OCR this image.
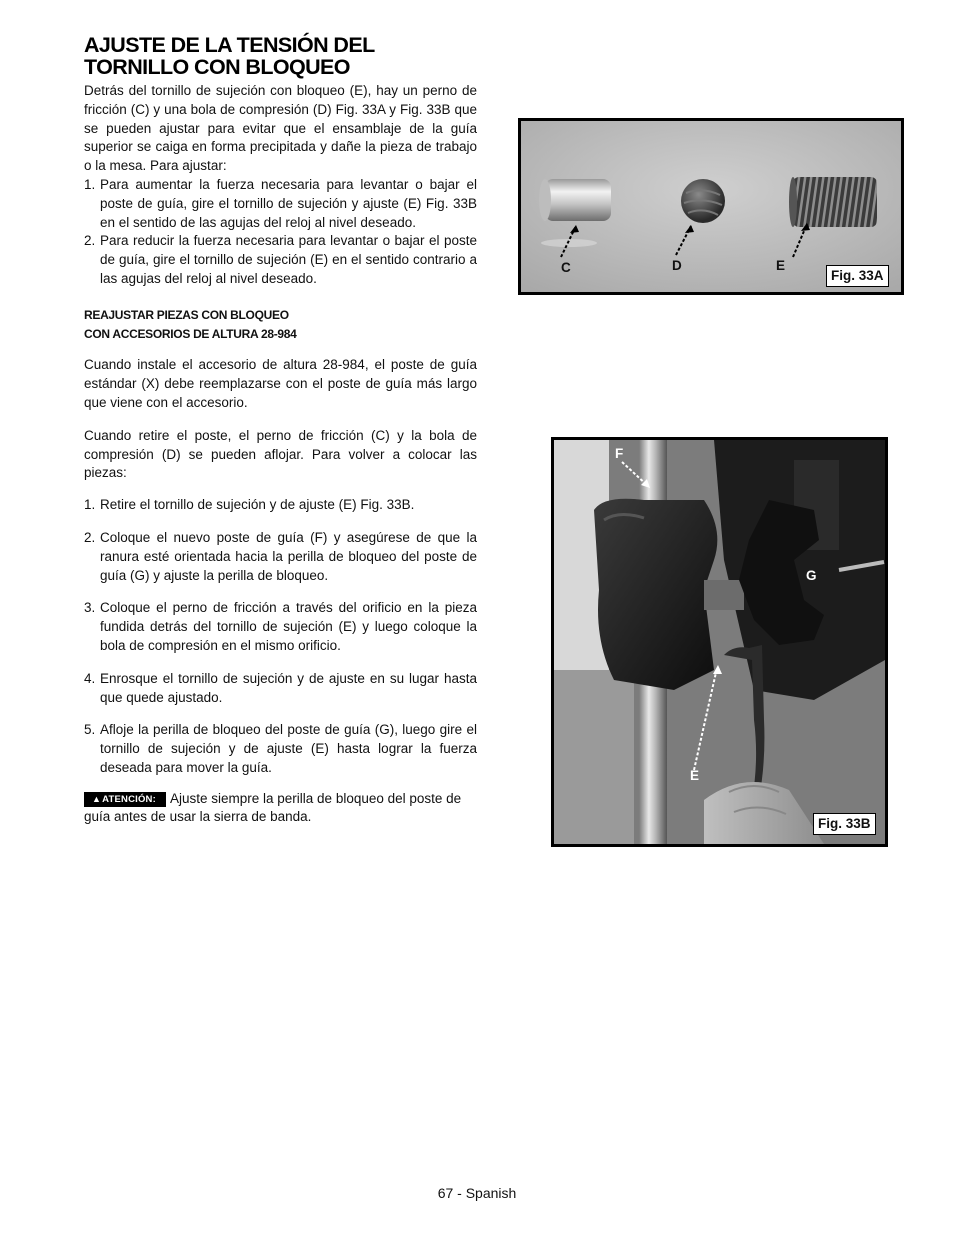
AJUSTE DE LA TENSIÓN DEL TORNILLO CON BLOQUEO

Detrás del tornillo de sujeción con bloqueo (E), hay un perno de fricción (C) y una bola de compresión (D) Fig. 33A y Fig. 33B que se pueden ajustar para evitar que el ensamblaje de la guía superior se caiga en forma precipitada y dañe la pieza de trabajo o la mesa. Para ajustar:

1. Para aumentar la fuerza necesaria para levantar o bajar el poste de guía, gire el tornillo de sujeción y ajuste (E) Fig. 33B en el sentido de las agujas del reloj al nivel deseado.
2. Para reducir la fuerza necesaria para levantar o bajar el poste de guía, gire el tornillo de sujeción (E) en el sentido contrario a las agujas del reloj al nivel deseado.
REAJUSTAR PIEZAS CON BLOQUEO
CON ACCESORIOS DE ALTURA 28-984

Cuando instale el accesorio de altura 28-984, el poste de guía estándar (X) debe reemplazarse con el poste de guía más largo que viene con el accesorio.

Cuando retire el poste, el perno de fricción (C) y la bola de compresión (D) se pueden aflojar. Para volver a colocar las piezas:

1. Retire el tornillo de sujeción y de ajuste (E) Fig. 33B.
2. Coloque el nuevo poste de guía (F) y asegúrese de que la ranura esté orientada hacia la perilla de bloqueo del poste de guía (G) y ajuste la perilla de bloqueo.
3. Coloque el perno de fricción a través del orificio en la pieza fundida detrás del tornillo de sujeción (E) y luego coloque la bola de compresión en el mismo orificio.
4. Enrosque el tornillo de sujeción y de ajuste en su lugar hasta que quede ajustado.
5. Afloje la perilla de bloqueo del poste de guía (G), luego gire el tornillo de sujeción y de ajuste (E) hasta lograr la fuerza deseada para mover la guía.

▲ATENCIÓN: Ajuste siempre la perilla de bloqueo del poste de guía antes de usar la sierra de banda.

C	D	E
Fig. 33A
F
G
E
Fig. 33B
67 - Spanish
